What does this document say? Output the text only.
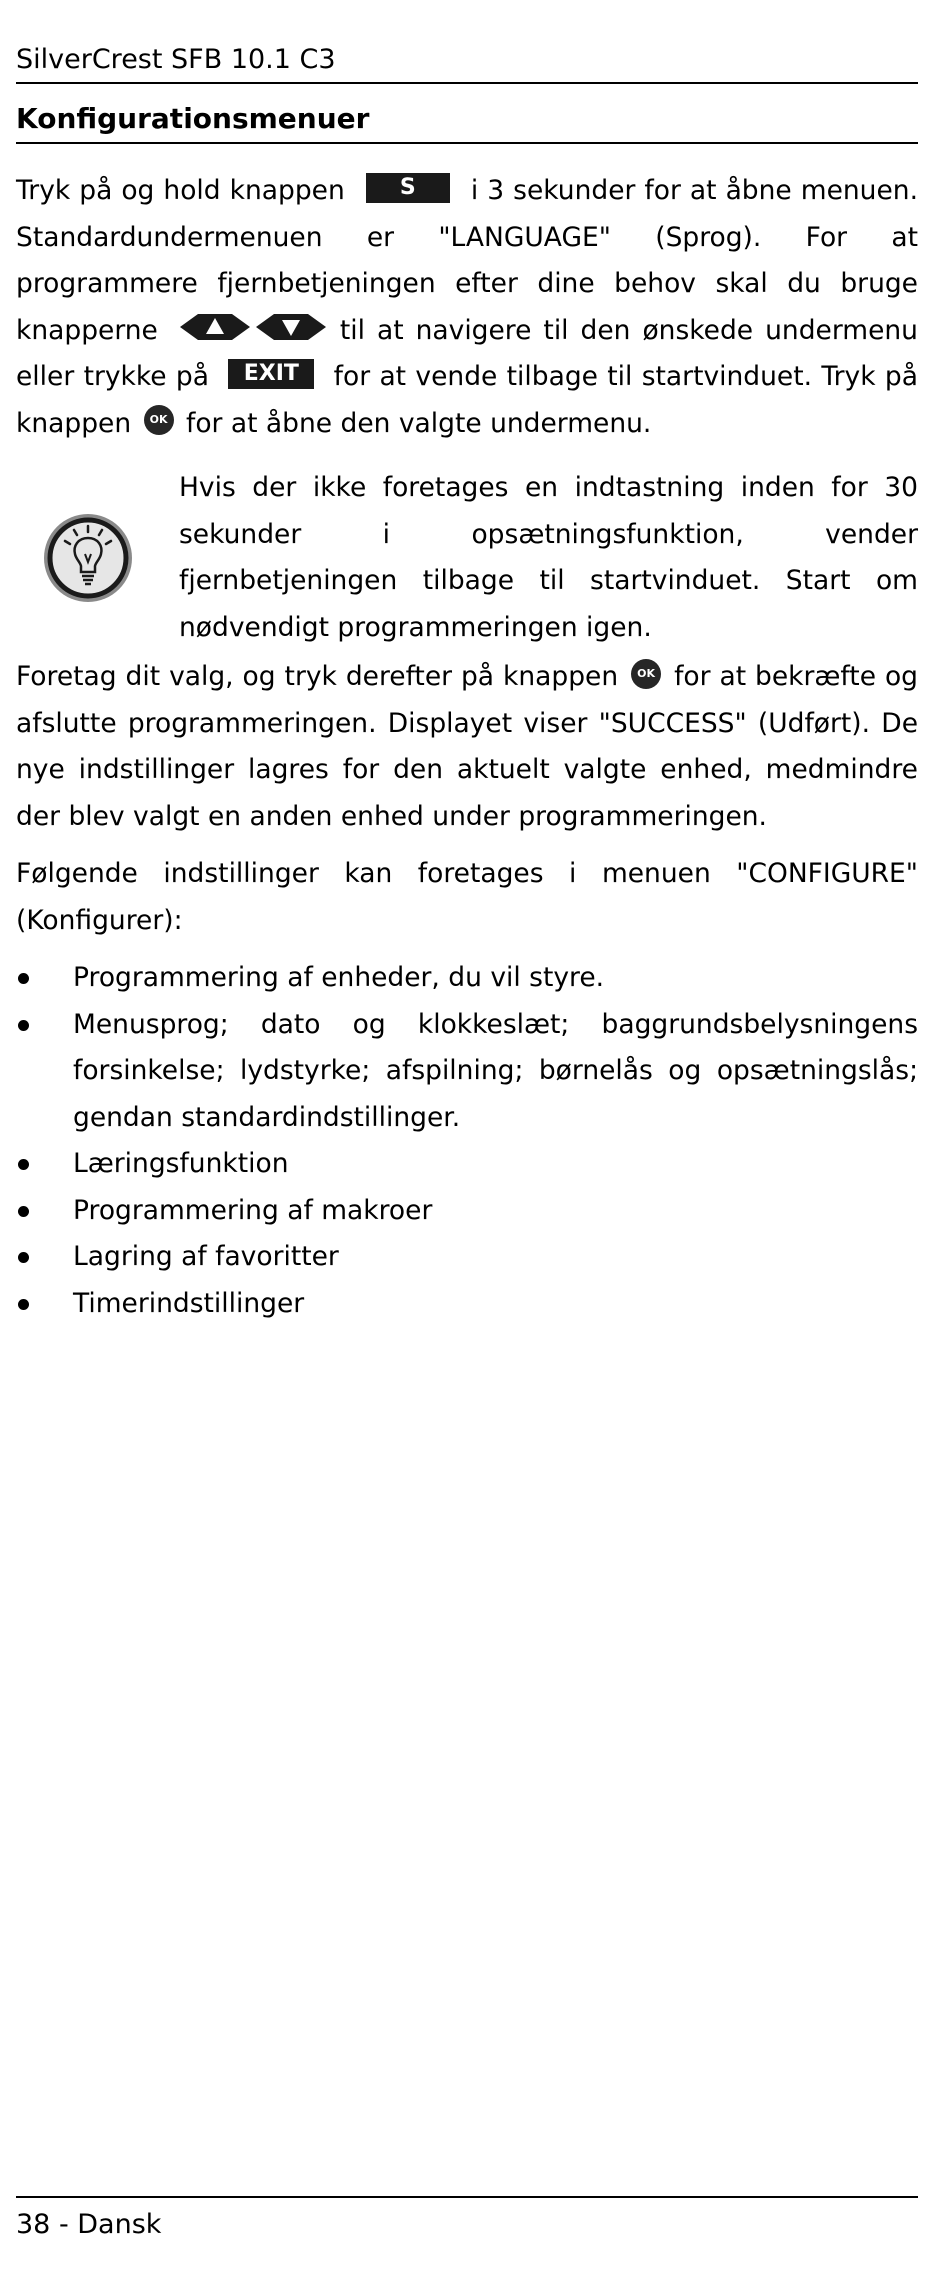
SilverCrest SFB 10.1 C3
Konfigurationsmenuer
Tryk på og hold knappen	S i 3 sekunder for at åbne menuen. Standardundermenuen er "LANGUAGE" (Sprog). For at programmere fjernbetjeningen efter dine behov skal du bruge knapperne	til at navigere til den ønskede undermenu eller trykke på EXIT for at vende tilbage til startvinduet. Tryk på knappen OK for at åbne den valgte undermenu.
Hvis der ikke foretages en indtastning inden for 30 sekunder i opsætningsfunktion, vender fjernbetjeningen tilbage til startvinduet. Start om nødvendigt programmeringen igen.
Foretag dit valg, og tryk derefter på knappen OK for at bekræfte og afslutte programmeringen. Displayet viser "SUCCESS" (Udført). De nye indstillinger lagres for den aktuelt valgte enhed, medmindre der blev valgt en anden enhed under programmeringen.
Følgende indstillinger kan foretages i menuen "CONFIGURE" (Konfigurer):
Programmering af enheder, du vil styre.
Menusprog; dato og klokkeslæt; baggrundsbelysningens forsinkelse; lydstyrke; afspilning; børnelås og opsætningslås; gendan standardindstillinger.
Læringsfunktion
Programmering af makroer
Lagring af favoritter
Timerindstillinger
38 - Dansk
